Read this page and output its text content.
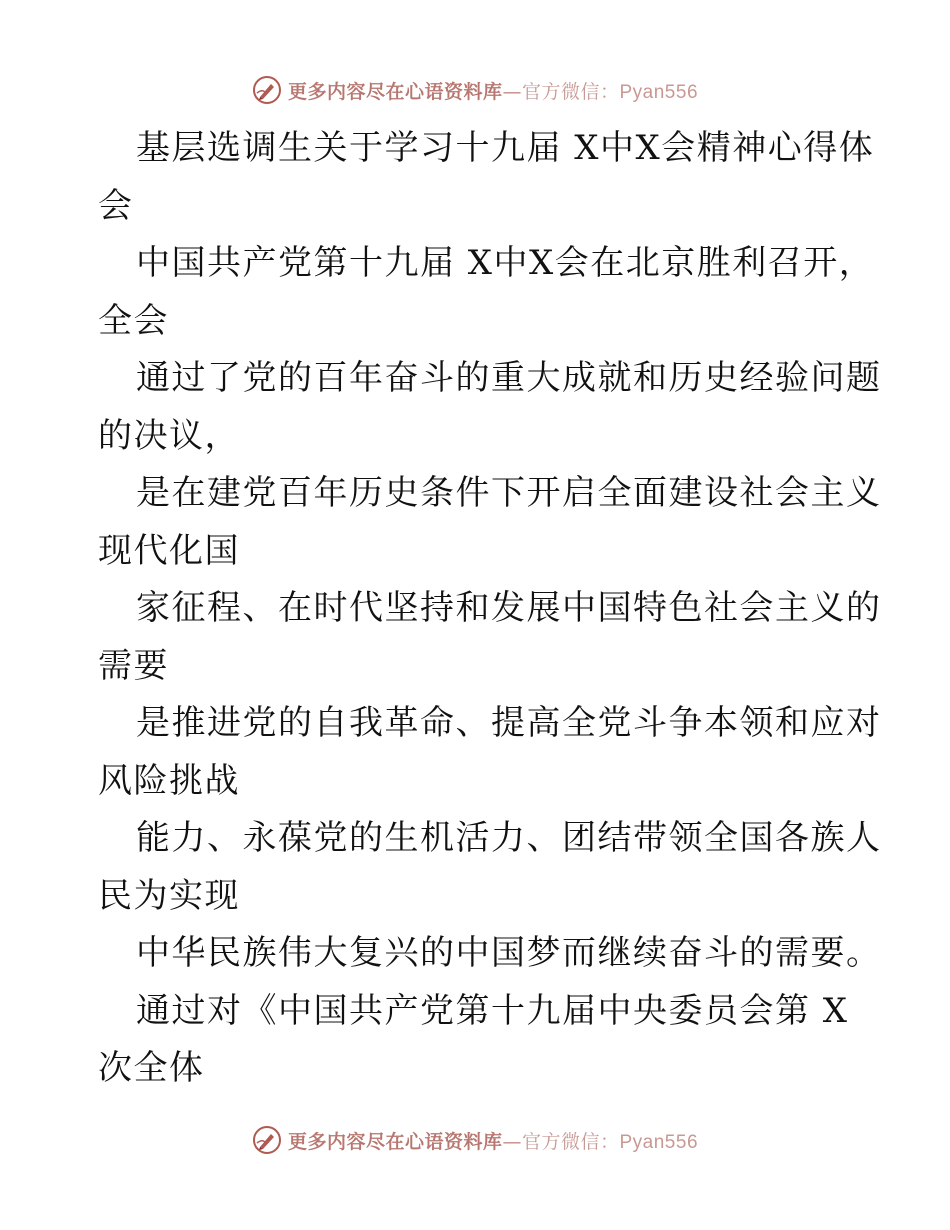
更多内容尽在心语资料库—官方微信：Pyan556
基层选调生关于学习十九届 X中X会精神心得体
会
中国共产党第十九届 X中X会在北京胜利召开，
全会
通过了党的百年奋斗的重大成就和历史经验问题
的决议，
是在建党百年历史条件下开启全面建设社会主义
现代化国
家征程、在时代坚持和发展中国特色社会主义的
需要
是推进党的自我革命、提高全党斗争本领和应对
风险挑战
能力、永葆党的生机活力、团结带领全国各族人
民为实现
中华民族伟大复兴的中国梦而继续奋斗的需要。
通过对《中国共产党第十九届中央委员会第 X
次全体
更多内容尽在心语资料库—官方微信：Pyan556
